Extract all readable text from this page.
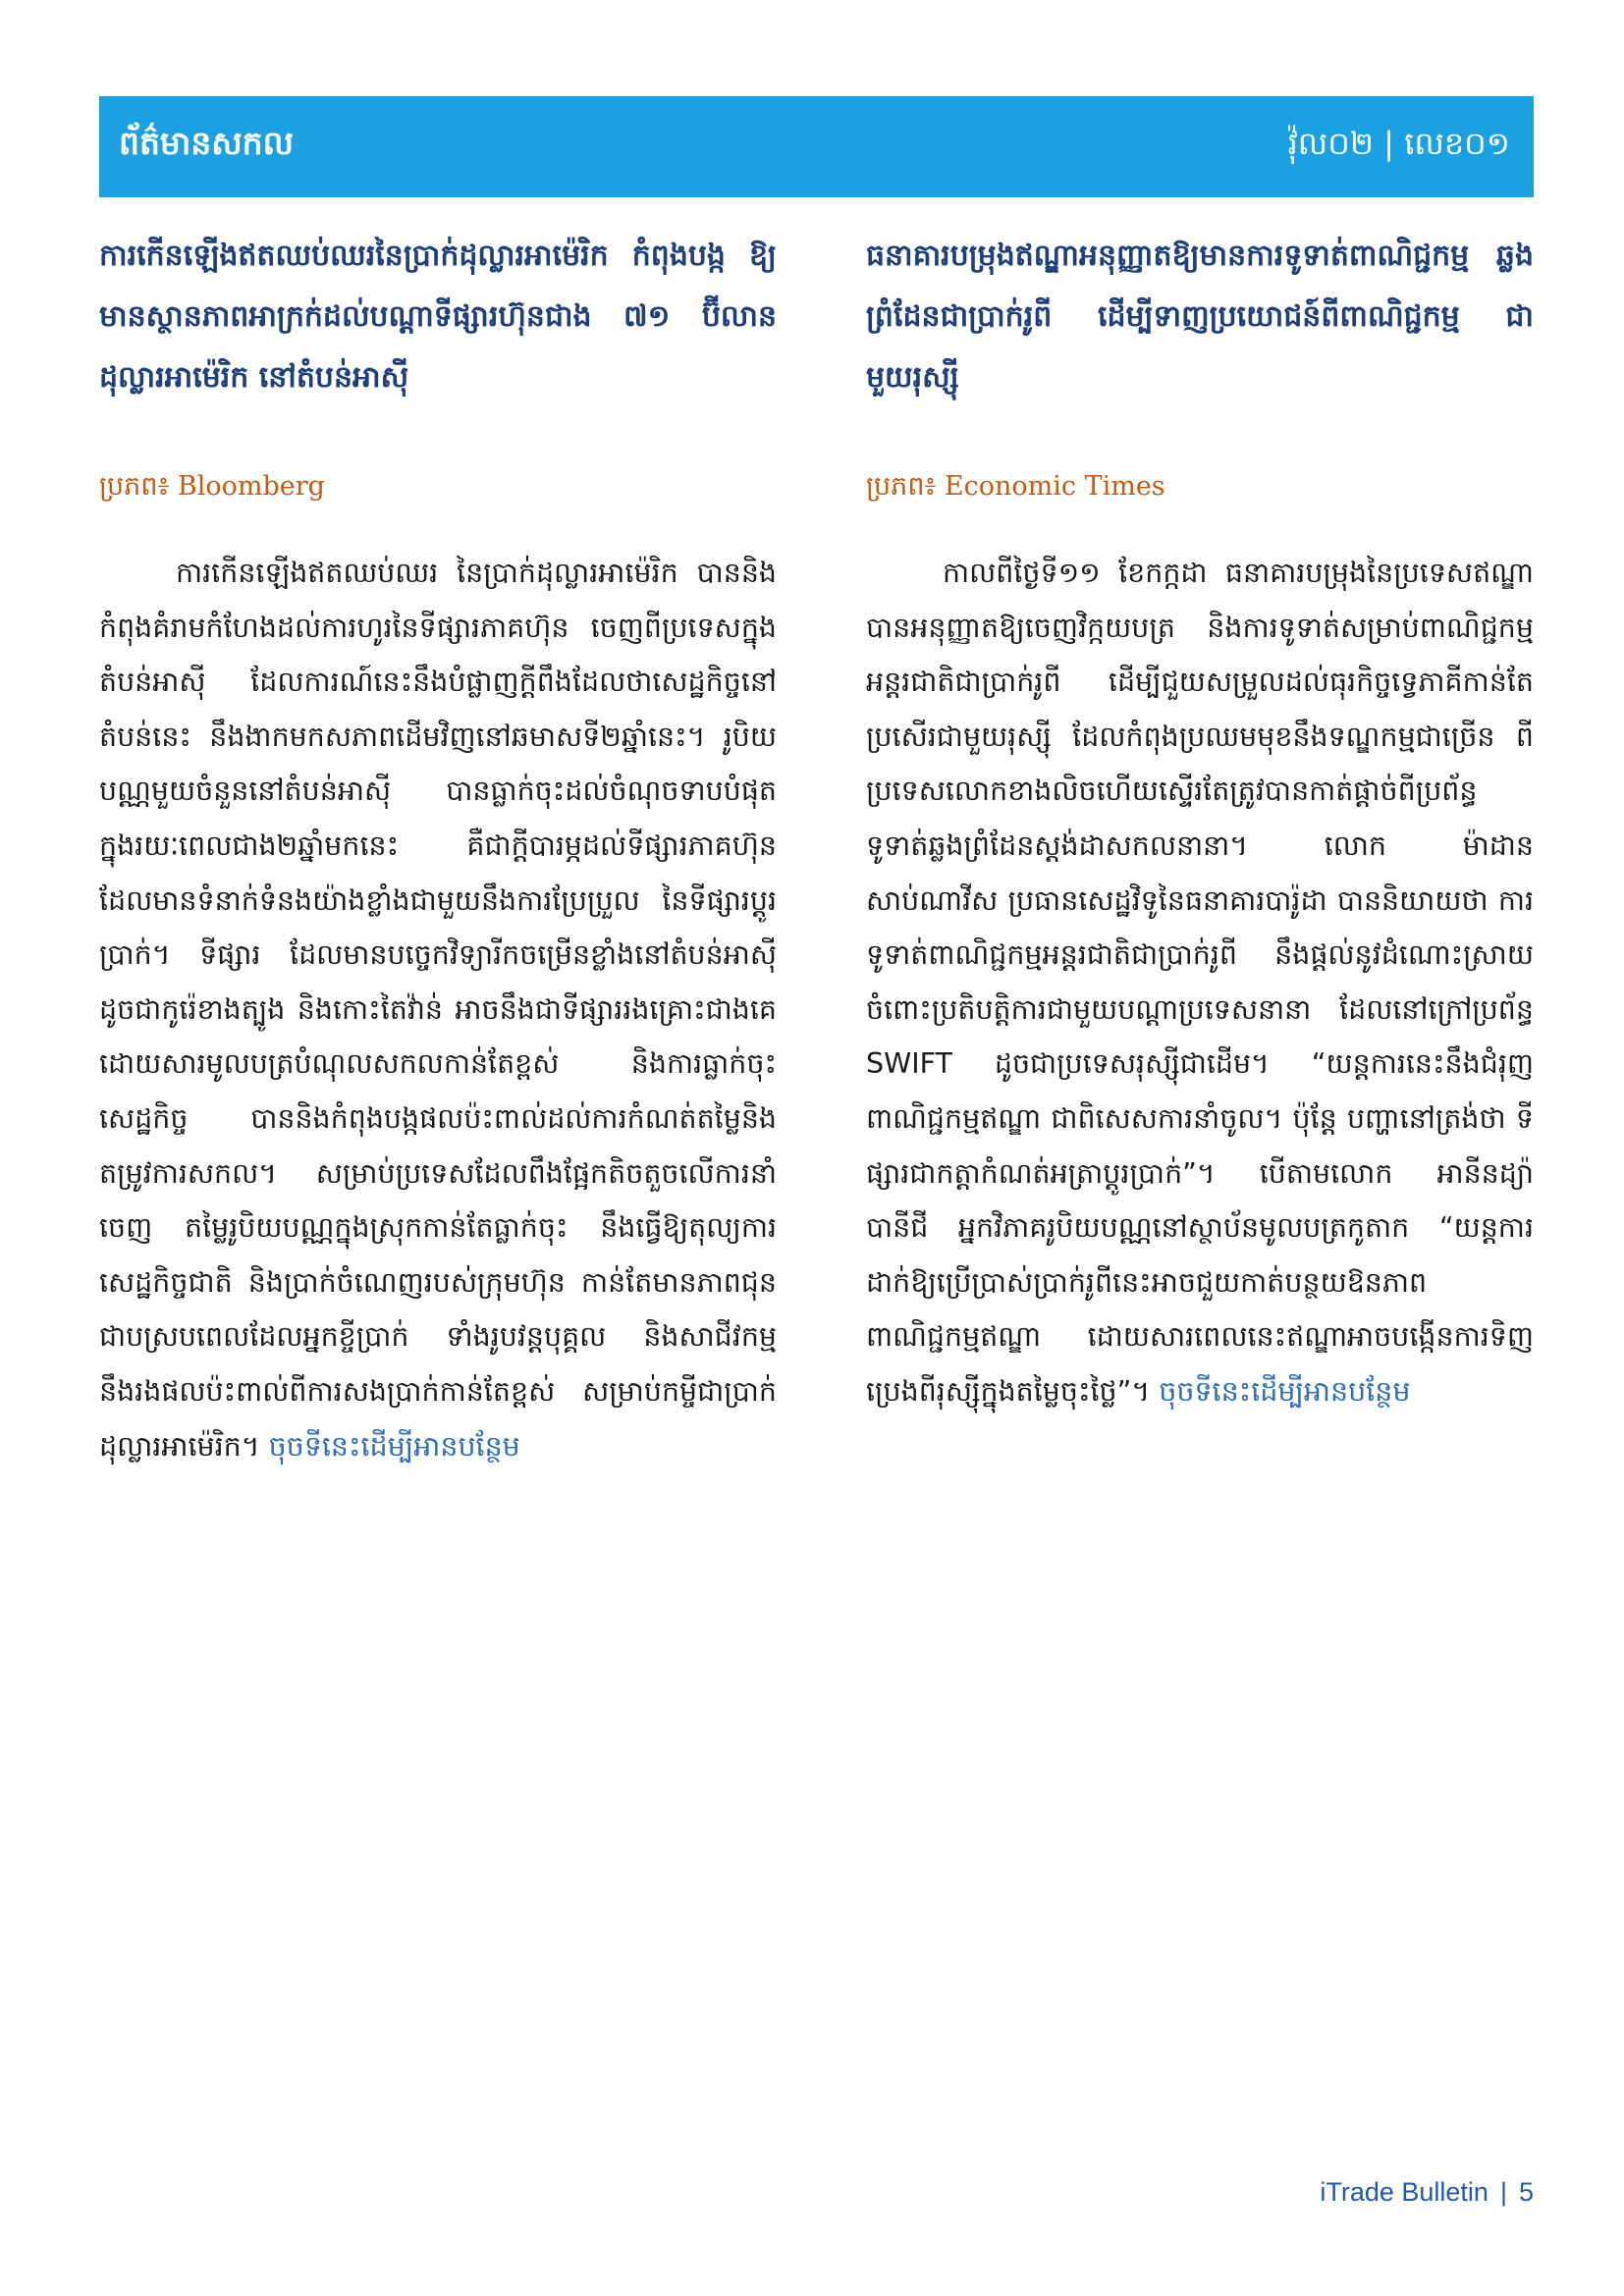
ព័ត៌មានសកល	វ៉ុល០២ | លេខ០១
ការកើនឡើងឥតឈប់ឈរនៃប្រាក់ដុល្លារអាម៉េរិក កំពុងបង្ក ឱ្យមានស្ថានភាពអាក្រក់ដល់បណ្តាទីផ្សារហ៊ុនជាង ៧១ ប៊ីលាន ដុល្លារអាម៉េរិក នៅតំបន់អាស៊ី

ប្រភព៖ Bloomberg

ការកើនឡើងឥតឈប់ឈរ នៃប្រាក់ដុល្លារអាម៉េរិក បាននិងកំពុងគំរាមកំហែងដល់ការហូរនៃទីផ្សារភាគហ៊ុន ចេញពីប្រទេសក្នុងតំបន់អាស៊ី ដែលការណ៍នេះនឹងបំផ្លាញក្តីពឹងដែលថាសេដ្ឋកិច្ចនៅតំបន់នេះ នឹងងាកមកសភាពដើមវិញនៅឆមាសទី២ឆ្នាំនេះ។ រូបិយបណ្ណមួយចំនួននៅតំបន់អាស៊ី បានធ្លាក់ចុះដល់ចំណុចទាបបំផុត ក្នុងរយៈពេលជាង២ឆ្នាំមកនេះ គឺជាក្តីបារម្ភដល់ទីផ្សារភាគហ៊ុន ដែលមានទំនាក់ទំនងយ៉ាងខ្លាំងជាមួយនឹងការប្រែប្រួល នៃទីផ្សារប្តូរប្រាក់។ ទីផ្សារ ដែលមានបច្ចេកវិទ្យារីកចម្រើនខ្លាំងនៅតំបន់អាស៊ី ដូចជាកូរ៉េខាងត្បូង និងកោះតៃវ៉ាន់ អាចនឹងជាទីផ្សាររងគ្រោះជាងគេ ដោយសារមូលបត្របំណុលសកលកាន់តែខ្ពស់ និងការធ្លាក់ចុះសេដ្ឋកិច្ច បាននិងកំពុងបង្កផលប៉ះពាល់ដល់ការកំណត់តម្លៃនិងតម្រូវការសកល។ សម្រាប់ប្រទេសដែលពឹងផ្អែកតិចតួចលើការនាំចេញ តម្លៃរូបិយបណ្ណក្នុងស្រុកកាន់តែធ្លាក់ចុះ នឹងធ្វើឱ្យតុល្យការសេដ្ឋកិច្ចជាតិ និងប្រាក់ចំណេញរបស់ក្រុមហ៊ុន កាន់តែមានភាពជុនជាបស្របពេលដែលអ្នកខ្ចីប្រាក់ ទាំងរូបវន្តបុគ្គល និងសាជីវកម្ម នឹងរងផលប៉ះពាល់ពីការសងប្រាក់កាន់តែខ្ពស់ សម្រាប់កម្ចីជាប្រាក់ដុល្លារអាម៉េរិក។ ចុចទីនេះដើម្បីអានបន្ថែម

ធនាគារបម្រុងឥណ្ឌាអនុញ្ញាតឱ្យមានការទូទាត់ពាណិជ្ជកម្ម ឆ្លងព្រំដែនជាប្រាក់រូពី ដើម្បីទាញប្រយោជន៍ពីពាណិជ្ជកម្ម ជាមួយរុស្ស៊ី

ប្រភព៖ Economic Times

កាលពីថ្ងៃទី១១ ខែកក្កដា ធនាគារបម្រុងនៃប្រទេសឥណ្ឌា បានអនុញ្ញាតឱ្យចេញវិក្កយបត្រ និងការទូទាត់សម្រាប់ពាណិជ្ជកម្មអន្តរជាតិជាប្រាក់រូពី ដើម្បីជួយសម្រួលដល់ធុរកិច្ចទ្វេភាគីកាន់តែប្រសើរជាមួយរុស្ស៊ី ដែលកំពុងប្រឈមមុខនឹងទណ្ឌកម្មជាច្រើន ពីប្រទេសលោកខាងលិចហើយស្ទើរតែត្រូវបានកាត់ផ្តាច់ពីប្រព័ន្ធទូទាត់ឆ្លងព្រំដែនស្តង់ដាសកលនានា។ លោក ម៉ាដាន សាប់ណាវីស ប្រធានសេដ្ឋវិទូនៃធនាគារបារ៉ូដា បាននិយាយថា ការទូទាត់ពាណិជ្ជកម្មអន្តរជាតិជាប្រាក់រូពី នឹងផ្តល់នូវដំណោះស្រាយចំពោះប្រតិបត្តិការជាមួយបណ្តាប្រទេសនានា ដែលនៅក្រៅប្រព័ន្ធ SWIFT ដូចជាប្រទេសរុស្ស៊ីជាដើម។ “យន្តការនេះនឹងជំរុញពាណិជ្ជកម្មឥណ្ឌា ជាពិសេសការនាំចូល។ ប៉ុន្តែ បញ្ហានៅត្រង់ថា ទីផ្សារជាកត្តាកំណត់អត្រាប្តូរប្រាក់”។ បើតាមលោក អានីនដ្យ៉ា បានីជី អ្នកវិភាគរូបិយបណ្ណនៅស្ថាប័នមូលបត្រកូតាក “យន្តការដាក់ឱ្យប្រើប្រាស់ប្រាក់រូពីនេះអាចជួយកាត់បន្ថយឱនភាពពាណិជ្ជកម្មឥណ្ឌា ដោយសារពេលនេះឥណ្ឌាអាចបង្កើនការទិញប្រេងពីរុស្ស៊ីក្នុងតម្លៃចុះថ្លៃ”។ ចុចទីនេះដើម្បីអានបន្ថែម

iTrade Bulletin | 5
